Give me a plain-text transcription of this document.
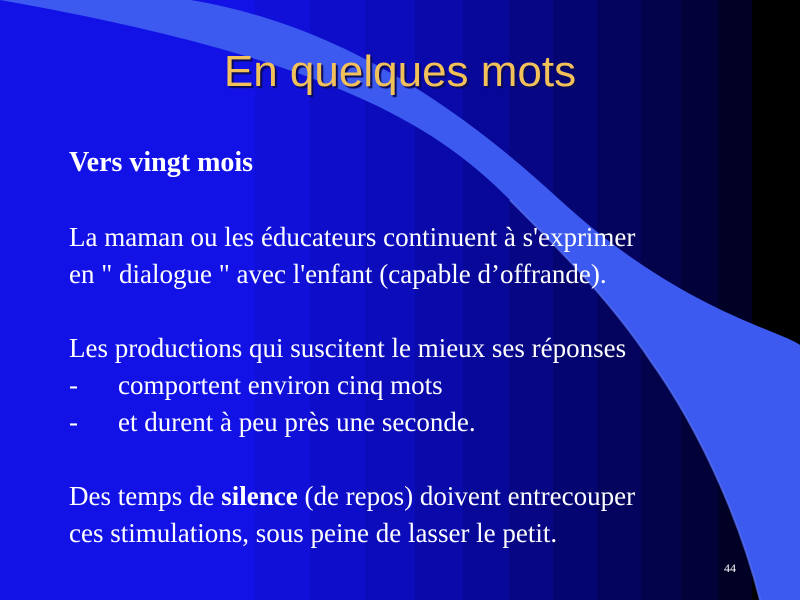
En quelques mots

Vers vingt mois

La maman ou les éducateurs continuent à s'exprimer

en " dialogue " avec l'enfant (capable d’offrande).

Les productions qui suscitent le mieux ses réponses

-	comportent environ cinq mots
-	et durent à peu près une seconde.

Des temps de silence (de repos) doivent entrecouper

ces stimulations, sous peine de lasser le petit.

44
